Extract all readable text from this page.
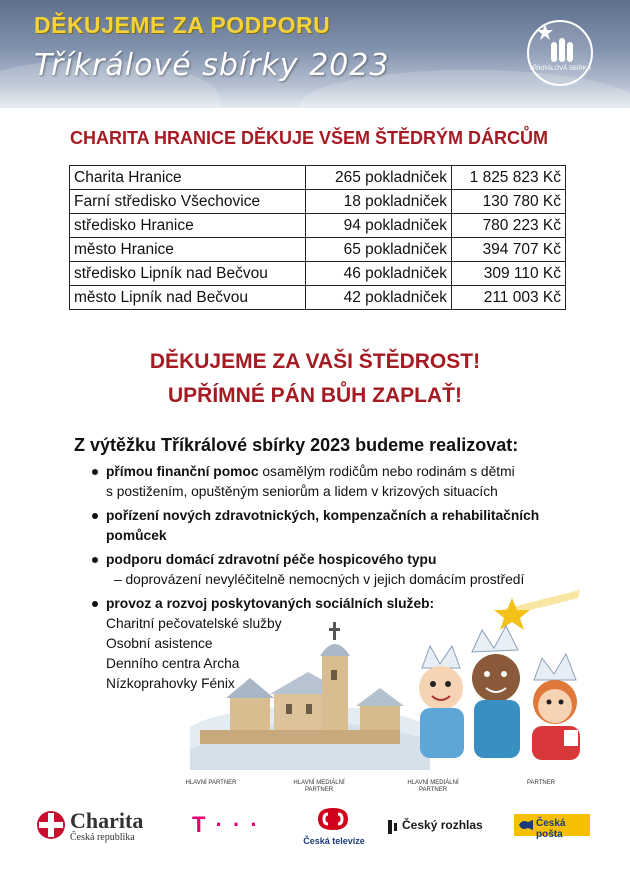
DĚKUJEME ZA PODPORU
Tříkrálové sbírky 2023	TŘÍKRÁLOVÁ SBÍRKA
CHARITA HRANICE DĚKUJE VŠEM ŠTĚDRÝM DÁRCŮM
Charita Hranice	265 pokladniček	1 825 823 Kč
Farní středisko Všechovice	18 pokladniček	130 780 Kč
středisko Hranice	94 pokladniček	780 223 Kč
město Hranice	65 pokladniček	394 707 Kč
středisko Lipník nad Bečvou	46 pokladniček	309 110 Kč
město Lipník nad Bečvou	42 pokladniček	211 003 Kč
DĚKUJEME ZA VAŠI ŠTĚDROST!
UPŘÍMNÉ PÁN BŮH ZAPLAŤ!
Z výtěžku Tříkrálové sbírky 2023 budeme realizovat:
přímou finanční pomoc osamělým rodičům nebo rodinám s dětmi
s postižením, opuštěným seniorům a lidem v krizových situacích
pořízení nových zdravotnických, kompenzačních a rehabilitačních
pomůcek
podporu domácí zdravotní péče hospicového typu
– doprovázení nevyléčitelně nemocných v jejich domácím prostředí
provoz a rozvoj poskytovaných sociálních služeb:
Charitní pečovatelské služby
Osobní asistence
Denního centra Archa
Nízkoprahovky Fénix
HLAVNÍ PARTNER	HLAVNÍ MEDIÁLNÍ PARTNER
HLAVNÍ MEDIÁLNÍ PARTNER
PARTNER
Charita
Česká republika
T · · ·
Česká televize
Český rozhlas	Česká pošta
